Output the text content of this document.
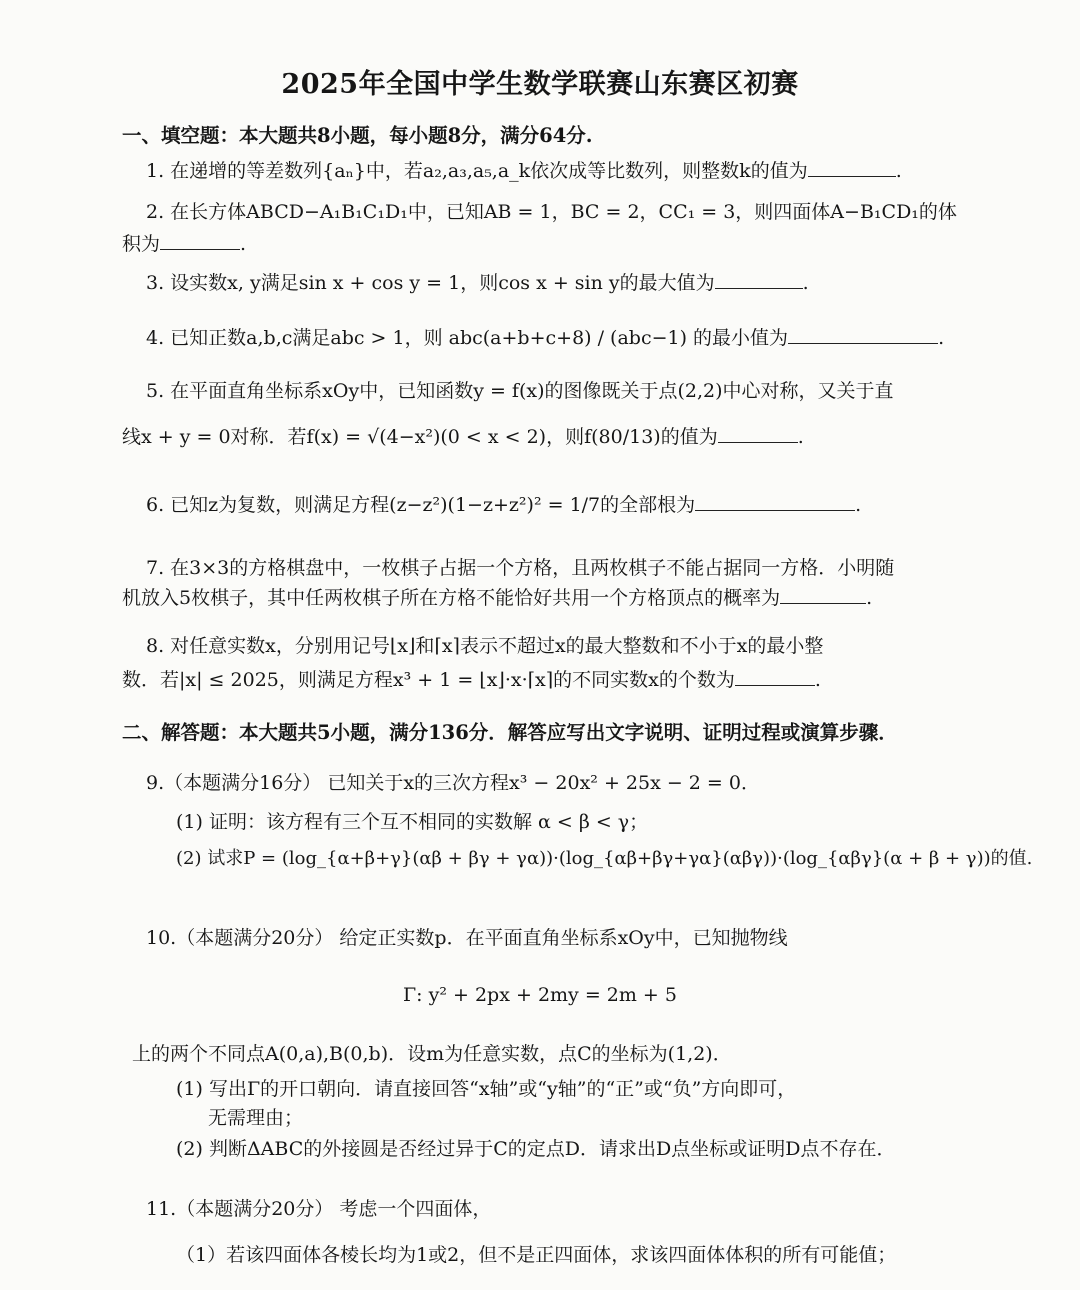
2025年全国中学生数学联赛山东赛区初赛
一、填空题：本大题共8小题，每小题8分，满分64分.
1. 在递增的等差数列{aₙ}中，若a₂,a₃,a₅,a_k依次成等比数列，则整数k的值为	.
2. 在长方体ABCD−A₁B₁C₁D₁中，已知AB = 1，BC = 2，CC₁ = 3，则四面体A−B₁CD₁的体
积为	.
3. 设实数x, y满足sin x + cos y = 1，则cos x + sin y的最大值为	.
4. 已知正数a,b,c满足abc > 1，则 abc(a+b+c+8) / (abc−1) 的最小值为	.
5. 在平面直角坐标系xOy中，已知函数y = f(x)的图像既关于点(2,2)中心对称，又关于直
线x + y = 0对称．若f(x) = √(4−x²)(0 < x < 2)，则f(80/13)的值为	.
6. 已知z为复数，则满足方程(z−z²)(1−z+z²)² = 1/7的全部根为	.
7. 在3×3的方格棋盘中，一枚棋子占据一个方格，且两枚棋子不能占据同一方格．小明随
机放入5枚棋子，其中任两枚棋子所在方格不能恰好共用一个方格顶点的概率为	.
8. 对任意实数x，分别用记号⌊x⌋和⌈x⌉表示不超过x的最大整数和不小于x的最小整
数．若|x| ≤ 2025，则满足方程x³ + 1 = ⌊x⌋·x·⌈x⌉的不同实数x的个数为	.
二、解答题：本大题共5小题，满分136分．解答应写出文字说明、证明过程或演算步骤．
9.（本题满分16分） 已知关于x的三次方程x³ − 20x² + 25x − 2 = 0．
(1) 证明：该方程有三个互不相同的实数解 α < β < γ；
(2) 试求P = (log_{α+β+γ}(αβ + βγ + γα))·(log_{αβ+βγ+γα}(αβγ))·(log_{αβγ}(α + β + γ))的值.
10.（本题满分20分） 给定正实数p．在平面直角坐标系xOy中，已知抛物线
Γ: y² + 2px + 2my = 2m + 5
上的两个不同点A(0,a),B(0,b)．设m为任意实数，点C的坐标为(1,2)．
(1) 写出Γ的开口朝向．请直接回答“x轴”或“y轴”的“正”或“负”方向即可，
无需理由；
(2) 判断ΔABC的外接圆是否经过异于C的定点D．请求出D点坐标或证明D点不存在．
11.（本题满分20分） 考虑一个四面体，
（1）若该四面体各棱长均为1或2，但不是正四面体，求该四面体体积的所有可能值；
